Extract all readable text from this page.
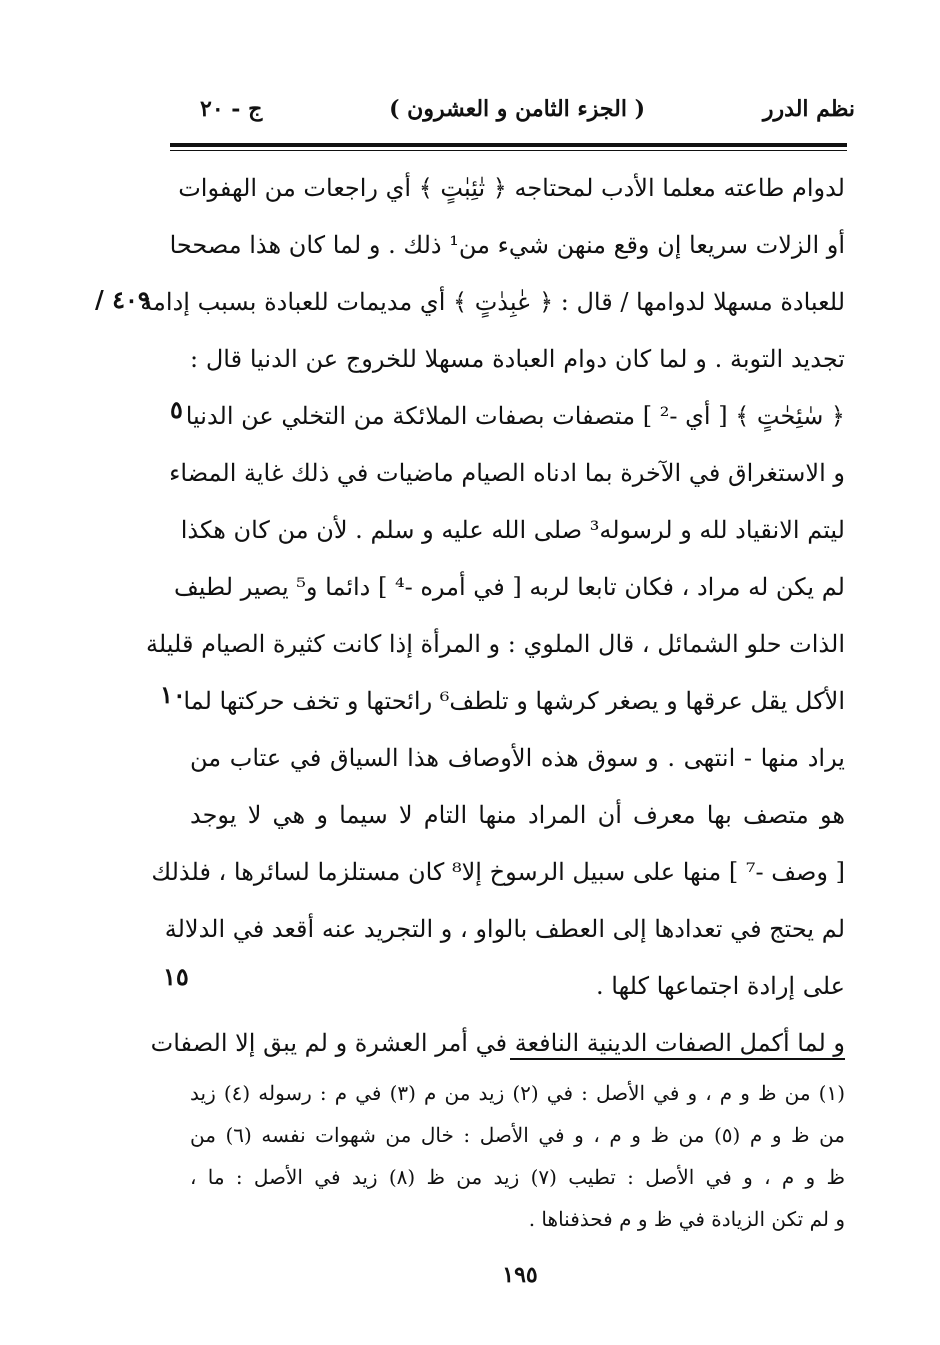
نظم الدرر
( الجزء الثامن و العشرون )
ج - ٢٠
٤٠٩ /
٥
١٠
١٥
لدوام طاعته معلما الأدب لمحتاجه ﴿ تٰئِبٰتٍ ﴾ أي راجعات من الهفوات
أو الزلات سريعا إن وقع منهن شيء من¹ ذلك . و لما كان هذا مصححا
للعبادة مسهلا لدوامها / قال : ﴿ عٰبِدٰتٍ ﴾ أي مديمات للعبادة بسبب إدامة
تجديد التوبة . و لما كان دوام العبادة مسهلا للخروج عن الدنيا قال :
﴿ سٰئِحٰتٍ ﴾ [ أي -² ] متصفات بصفات الملائكة من التخلي عن الدنيا
و الاستغراق في الآخرة بما ادناه الصيام ماضيات في ذلك غاية المضاء
ليتم الانقياد لله و لرسوله³ صلى الله عليه و سلم . لأن من كان هكذا
لم يكن له مراد ، فكان تابعا لربه [ في أمره -⁴ ] دائما و⁵ يصير لطيف
الذات حلو الشمائل ، قال الملوي : و المرأة إذا كانت كثيرة الصيام قليلة
الأكل يقل عرقها و يصغر كرشها و تلطف⁶ رائحتها و تخف حركتها لما
يراد منها - انتهى . و سوق هذه الأوصاف هذا السياق في عتاب من
هو متصف بها معرف أن المراد منها التام لا سيما و هي لا يوجد
[ وصف -⁷ ] منها على سبيل الرسوخ إلا⁸ كان مستلزما لسائرها ، فلذلك
لم يحتج في تعدادها إلى العطف بالواو ، و التجريد عنه أقعد في الدلالة
على إرادة اجتماعها كلها .
و لما أكمل الصفات الدينية النافعة في أمر العشرة و لم يبق إلا الصفات
(١) من ظ و م ، و في الأصل : في (٢) زيد من م (٣) في م : رسوله (٤) زيد
من ظ و م (٥) من ظ و م ، و في الأصل : خال من شهوات نفسه (٦) من
ظ و م ، و في الأصل : تطيب (٧) زيد من ظ (٨) زيد في الأصل : ما ،
و لم تكن الزيادة في ظ و م فحذفناها .
١٩٥
